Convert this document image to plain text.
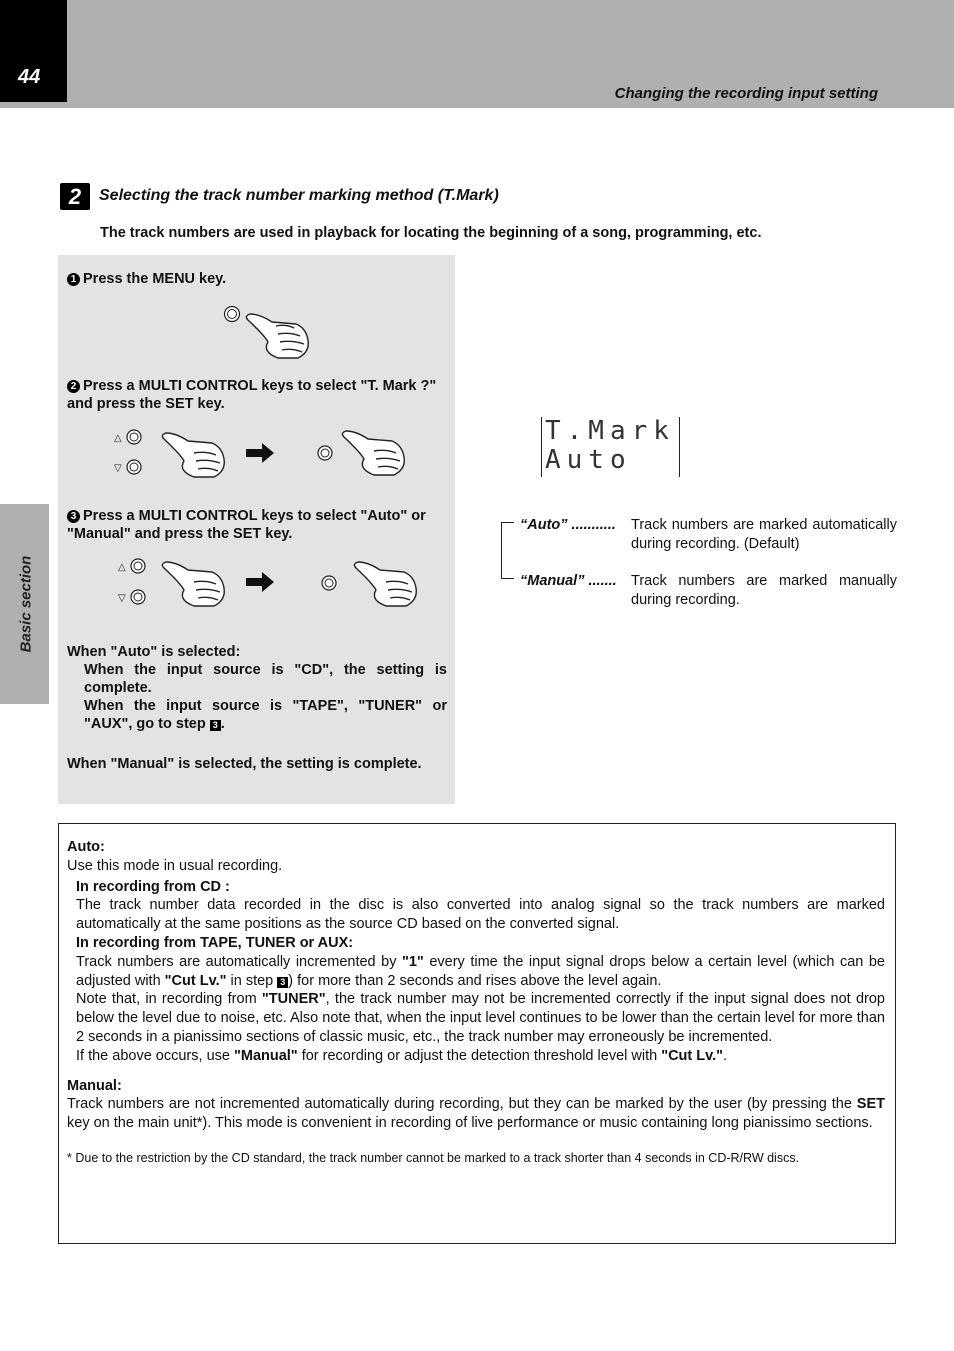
44
Changing the recording input setting
Basic section
2	Selecting the track number marking method (T.Mark)
The track numbers are used in playback for locating the beginning of a song, programming, etc.
1 Press the MENU key.
2 Press a MULTI CONTROL keys to select "T. Mark ?" and press the SET key.
△
▽
3 Press a MULTI CONTROL keys to select "Auto" or "Manual" and press the SET key.
△
▽
When "Auto" is selected:
When the input source is "CD", the setting is complete.
When the input source is "TAPE", "TUNER" or "AUX", go to step 3 .
When "Manual" is selected, the setting is complete.
T.Mark
Auto
“Auto” ........... Track numbers are marked automatically during recording. (Default)
“Manual” ....... Track numbers are marked manually during recording.

Auto:

Use this mode in usual recording.

In recording from CD :

The track number data recorded in the disc is also converted into analog signal so the track numbers are marked automatically at the same positions as the source CD based on the converted signal.

In recording from TAPE, TUNER or AUX:

Track numbers are automatically incremented by "1" every time the input signal drops below a certain level (which can be adjusted with "Cut Lv." in step 3 ) for more than 2 seconds and rises above the level again.

Note that, in recording from "TUNER", the track number may not be incremented correctly if the input signal does not drop below the level due to noise, etc. Also note that, when the input level continues to be lower than the certain level for more than 2 seconds in a pianissimo sections of classic music, etc., the track number may erroneously be incremented.

If the above occurs, use "Manual" for recording or adjust the detection threshold level with "Cut Lv.".

Manual:

Track numbers are not incremented automatically during recording, but they can be marked by the user (by pressing the SET key on the main unit*). This mode is convenient in recording of live performance or music containing long pianissimo sections.

* Due to the restriction by the CD standard, the track number cannot be marked to a track shorter than 4 seconds in CD-R/RW discs.
